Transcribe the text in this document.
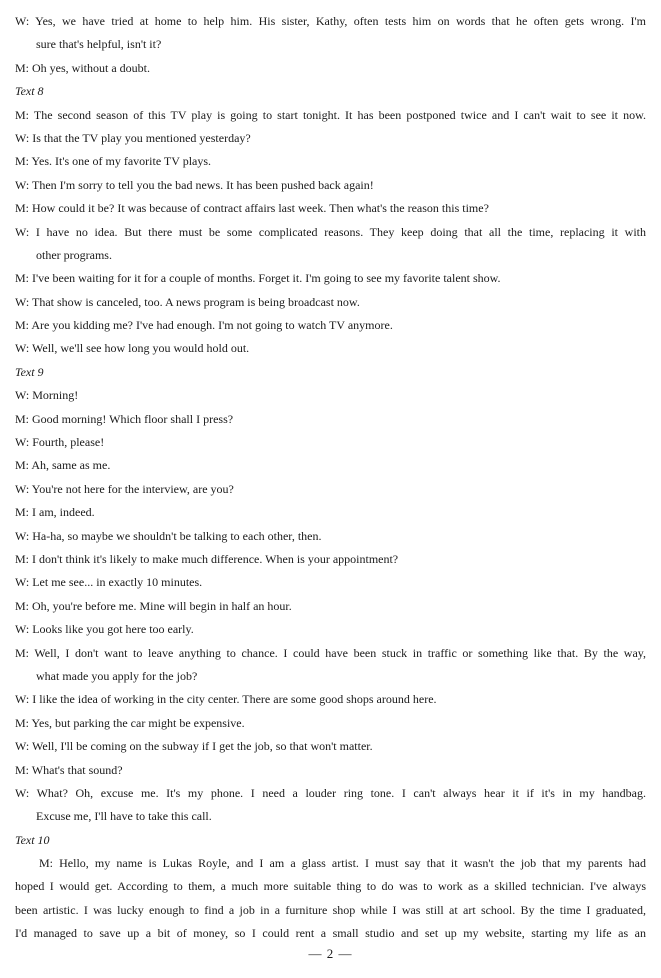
W: Yes, we have tried at home to help him. His sister, Kathy, often tests him on words that he often gets wrong. I'm
sure that's helpful, isn't it?
M: Oh yes, without a doubt.
Text 8
M: The second season of this TV play is going to start tonight. It has been postponed twice and I can't wait to see it now.
W: Is that the TV play you mentioned yesterday?
M: Yes. It's one of my favorite TV plays.
W: Then I'm sorry to tell you the bad news. It has been pushed back again!
M: How could it be? It was because of contract affairs last week. Then what's the reason this time?
W: I have no idea. But there must be some complicated reasons. They keep doing that all the time, replacing it with
other programs.
M: I've been waiting for it for a couple of months. Forget it. I'm going to see my favorite talent show.
W: That show is canceled, too. A news program is being broadcast now.
M: Are you kidding me? I've had enough. I'm not going to watch TV anymore.
W: Well, we'll see how long you would hold out.
Text 9
W: Morning!
M: Good morning! Which floor shall I press?
W: Fourth, please!
M: Ah, same as me.
W: You're not here for the interview, are you?
M: I am, indeed.
W: Ha-ha, so maybe we shouldn't be talking to each other, then.
M: I don't think it's likely to make much difference. When is your appointment?
W: Let me see... in exactly 10 minutes.
M: Oh, you're before me. Mine will begin in half an hour.
W: Looks like you got here too early.
M: Well, I don't want to leave anything to chance. I could have been stuck in traffic or something like that. By the way,
what made you apply for the job?
W: I like the idea of working in the city center. There are some good shops around here.
M: Yes, but parking the car might be expensive.
W: Well, I'll be coming on the subway if I get the job, so that won't matter.
M: What's that sound?
W: What? Oh, excuse me. It's my phone. I need a louder ring tone. I can't always hear it if it's in my handbag.
Excuse me, I'll have to take this call.
Text 10
M: Hello, my name is Lukas Royle, and I am a glass artist. I must say that it wasn't the job that my parents had
hoped I would get. According to them, a much more suitable thing to do was to work as a skilled technician. I've always
been artistic. I was lucky enough to find a job in a furniture shop while I was still at art school. By the time I graduated,
I'd managed to save up a bit of money, so I could rent a small studio and set up my website, starting my life as an
— 2 —
